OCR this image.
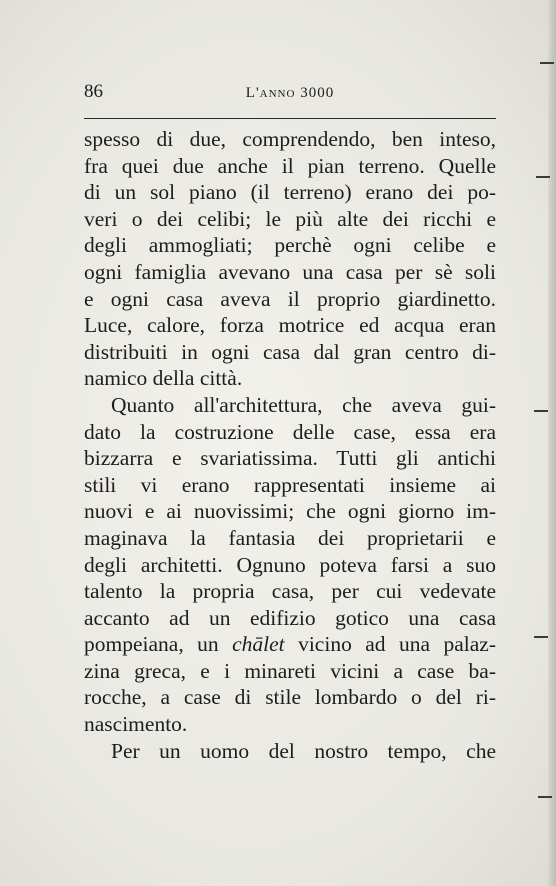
86	L'anno 3000
spesso di due, comprendendo, ben inteso,
fra quei due anche il pian terreno. Quelle
di un sol piano (il terreno) erano dei po-
veri o dei celibi; le più alte dei ricchi e
degli ammogliati; perchè ogni celibe e
ogni famiglia avevano una casa per sè soli
e ogni casa aveva il proprio giardinetto.
Luce, calore, forza motrice ed acqua eran
distribuiti in ogni casa dal gran centro di-
namico della città.
Quanto all'architettura, che aveva gui-
dato la costruzione delle case, essa era
bizzarra e svariatissima. Tutti gli antichi
stili vi erano rappresentati insieme ai
nuovi e ai nuovissimi; che ogni giorno im-
maginava la fantasia dei proprietarii e
degli architetti. Ognuno poteva farsi a suo
talento la propria casa, per cui vedevate
accanto ad un edifizio gotico una casa
pompeiana, un chālet vicino ad una palaz-
zina greca, e i minareti vicini a case ba-
rocche, a case di stile lombardo o del ri-
nascimento.
Per un uomo del nostro tempo, che
